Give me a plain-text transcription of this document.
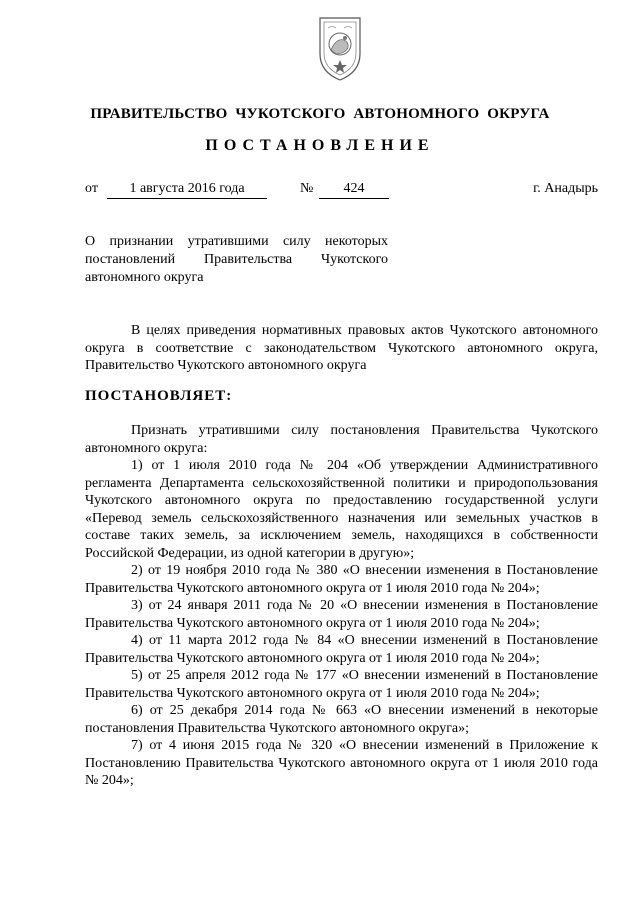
ПРАВИТЕЛЬСТВО ЧУКОТСКОГО АВТОНОМНОГО ОКРУГА
ПОСТАНОВЛЕНИЕ
от	1 августа 2016 года	№	424	г. Анадырь
О признании утратившими силу некоторых постановлений Правительства Чукотского автономного округа
В целях приведения нормативных правовых актов Чукотского автономного округа в соответствие с законодательством Чукотского автономного округа, Правительство Чукотского автономного округа
ПОСТАНОВЛЯЕТ:

Признать утратившими силу постановления Правительства Чукотского автономного округа:

1) от 1 июля 2010 года № 204 «Об утверждении Административного регламента Департамента сельскохозяйственной политики и природопользования Чукотского автономного округа по предоставлению государственной услуги «Перевод земель сельскохозяйственного назначения или земельных участков в составе таких земель, за исключением земель, находящихся в собственности Российской Федерации, из одной категории в другую»;

2) от 19 ноября 2010 года № 380 «О внесении изменения в Постановление Правительства Чукотского автономного округа от 1 июля 2010 года № 204»;

3) от 24 января 2011 года № 20 «О внесении изменения в Постановление Правительства Чукотского автономного округа от 1 июля 2010 года № 204»;

4) от 11 марта 2012 года № 84 «О внесении изменений в Постановление Правительства Чукотского автономного округа от 1 июля 2010 года № 204»;

5) от 25 апреля 2012 года № 177 «О внесении изменений в Постановление Правительства Чукотского автономного округа от 1 июля 2010 года № 204»;

6) от 25 декабря 2014 года № 663 «О внесении изменений в некоторые постановления Правительства Чукотского автономного округа»;

7) от 4 июня 2015 года № 320 «О внесении изменений в Приложение к Постановлению Правительства Чукотского автономного округа от 1 июля 2010 года № 204»;
